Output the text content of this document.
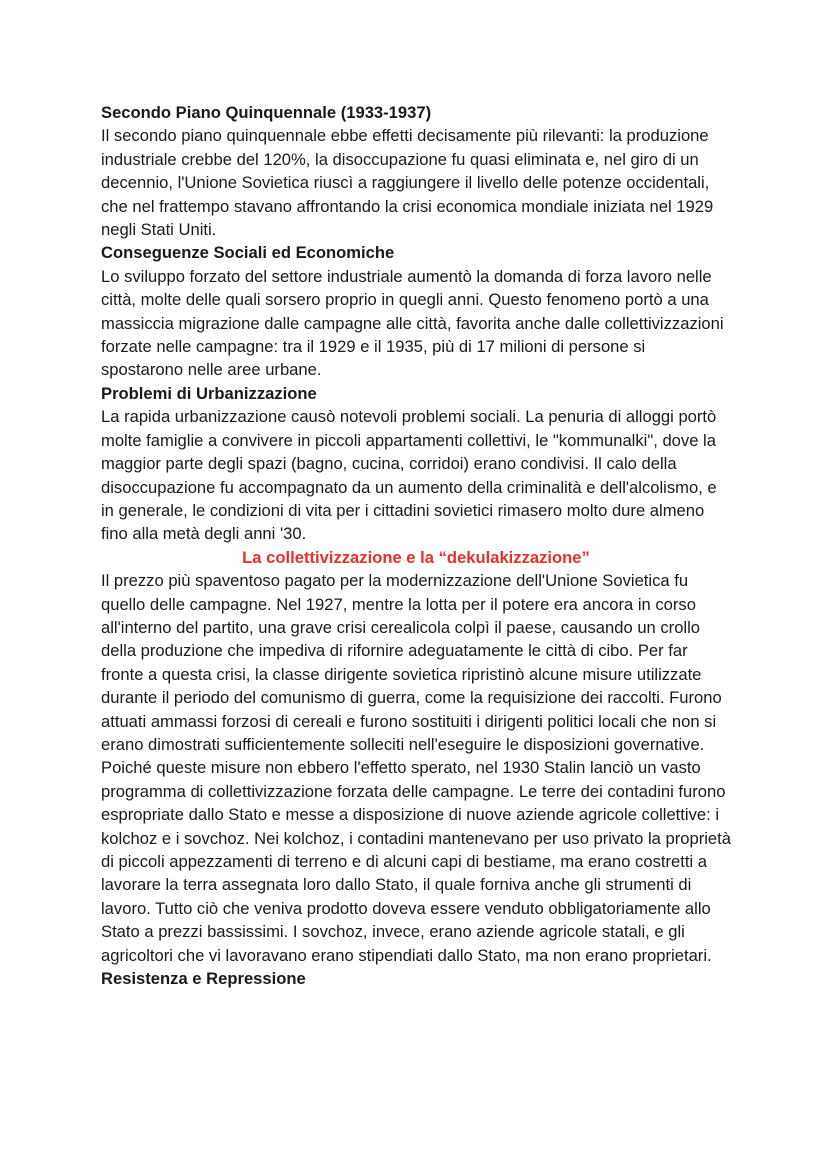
Secondo Piano Quinquennale (1933-1937)

Il secondo piano quinquennale ebbe effetti decisamente più rilevanti: la produzione industriale crebbe del 120%, la disoccupazione fu quasi eliminata e, nel giro di un decennio, l'Unione Sovietica riuscì a raggiungere il livello delle potenze occidentali, che nel frattempo stavano affrontando la crisi economica mondiale iniziata nel 1929 negli Stati Uniti.

Conseguenze Sociali ed Economiche

Lo sviluppo forzato del settore industriale aumentò la domanda di forza lavoro nelle città, molte delle quali sorsero proprio in quegli anni. Questo fenomeno portò a una massiccia migrazione dalle campagne alle città, favorita anche dalle collettivizzazioni forzate nelle campagne: tra il 1929 e il 1935, più di 17 milioni di persone si spostarono nelle aree urbane.

Problemi di Urbanizzazione

La rapida urbanizzazione causò notevoli problemi sociali. La penuria di alloggi portò molte famiglie a convivere in piccoli appartamenti collettivi, le "kommunalki", dove la maggior parte degli spazi (bagno, cucina, corridoi) erano condivisi. Il calo della disoccupazione fu accompagnato da un aumento della criminalità e dell'alcolismo, e in generale, le condizioni di vita per i cittadini sovietici rimasero molto dure almeno fino alla metà degli anni '30.

La collettivizzazione e la “dekulakizzazione”

Il prezzo più spaventoso pagato per la modernizzazione dell'Unione Sovietica fu quello delle campagne. Nel 1927, mentre la lotta per il potere era ancora in corso all'interno del partito, una grave crisi cerealicola colpì il paese, causando un crollo della produzione che impediva di rifornire adeguatamente le città di cibo. Per far fronte a questa crisi, la classe dirigente sovietica ripristinò alcune misure utilizzate durante il periodo del comunismo di guerra, come la requisizione dei raccolti. Furono attuati ammassi forzosi di cereali e furono sostituiti i dirigenti politici locali che non si erano dimostrati sufficientemente solleciti nell'eseguire le disposizioni governative. Poiché queste misure non ebbero l'effetto sperato, nel 1930 Stalin lanciò un vasto programma di collettivizzazione forzata delle campagne. Le terre dei contadini furono espropriate dallo Stato e messe a disposizione di nuove aziende agricole collettive: i kolchoz e i sovchoz. Nei kolchoz, i contadini mantenevano per uso privato la proprietà di piccoli appezzamenti di terreno e di alcuni capi di bestiame, ma erano costretti a lavorare la terra assegnata loro dallo Stato, il quale forniva anche gli strumenti di lavoro. Tutto ciò che veniva prodotto doveva essere venduto obbligatoriamente allo Stato a prezzi bassissimi. I sovchoz, invece, erano aziende agricole statali, e gli agricoltori che vi lavoravano erano stipendiati dallo Stato, ma non erano proprietari.

Resistenza e Repressione
